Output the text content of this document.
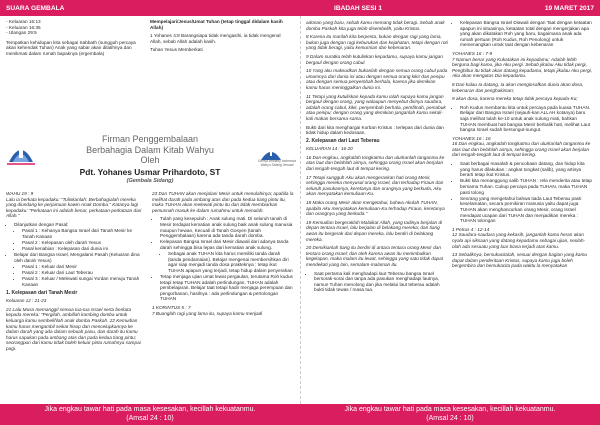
SUARA GEMBALA	IBADAH SESI 1	19 MARET 2017
- Keluaran 16:13
- Keluaran 16:35
- Ulangan 29:5

Tempatkan kehidupan kita sebagai Sabbath (sungguh percaya akan kehendak Tuhan) Anak yang sabar akan dilatihnya dan menikmati dalam rumah bapaknya (ergembala)

Mempelajari/Jesus/Umat Tuhan (tetap tinggal didalam kasih Allah)

1 Yohanes 4:8 Barangsiapa tidak mengasihi, ia tidak mengenal Allah, sebab Allah adalah kasih.

Tuhan Yesus Memberkati

Firman Penggembalaan
Berbahagia Dalam Kitab Wahyu
Oleh
Pdt. Yohanes Usmar Prihardoto, ST
(Gembala Sidang)
Gereja Bethany Indonesia Wahyu Sidang Jemaat

WAHU 19 : 9

Lalu ia berkata kepadaku: "Tuliskanlah: Berbahagialah mereka yang diundang ke perjamuan kawin Anak Domba." Katanya lagi kepadaku: "Perkataan ini adalah benar, perkataan-perkataan dari Allah."

• Dilanjutkan dengan Pasal:
• Pasal 1 : Kehanya Bangsa Israel dari Tanah Mesir ke Tanah Kanaan
• Pasal 2 : Kelepasan oleh darah Yesus
• Pasal kenabian : Kelepasan dari dunia ini
• Belajar dari Bangsa Israel, Mengalami Pasah (Keluaran dina oleh darah Yesus)
• Pasal 1 : Keluar dari Mesir
• Pasal 2 : Keluar dari Laut Teberau
• Pasal 3 : Keluar / Melewati sungai Yordan menuju Tanah Kanaan
1. Kelepasan dari Tanah Mesir

Keluaran 12 : 21-23

21 Lalu Musa memanggil semua tua-tua Israel serta berkata kepada mereka: "Pergilah, ambillah kambing domba untuk keluarga kamu sembelihlah anak domba Paskah. 22 Kemudian kamu harus mengambil seikat hisop dan mencelupkannya ke dalam darah yang ada dalam sebuah pasu, dan darah itu kamu harus sapukan pada ambang atas dan pada kedua tiang pintu; seorangpun dari kamu tidak boleh keluar pintu rumahnya sampai pagi.

23 Dan TUHAN akan menjalani Mesir untuk menulahinya; apabila la melihat darah pada ambang atas dan pada kedua tiang pintu itu, maka TUHAN akan melewati pintu itu dan tidak membiarkan pemusnah masuk ke dalam rumahmu untuk menulah.

• Tulah yang kesepuluh : Anak sulung mati. Di seluruh tanah di Mesir terdapat kematian anak sulung baik anak sulung manusia maupun hewan, Kecuali di Tanah Gosyen (tanah Penggembalaan) karena ada tanda darah domba.
• Kelepasan Bangsa Israel dari Mesir diawali dari adanya tanda darah sehingga bisa lepas dari kematian anak sulung.
• Sebagai anak TUHAN kita harus memiliki tanda darah (tanda pendamaian). Belajar mengenai membersihkan diri agar siap menjadi tanda dosa prakteknya : tetap ikut TUHAN apapun yang terjadi, tetap hidup dalam penyerahan
• Tetap menjaga ujian umat lewat pergaulan, terutama Roh kudus tetapi tetap TUHAN adalah perlindungan, TUHAN adalah pembelajaran. Belajar taat tetapi hadir menjaga perempuan dan pengorbanan, hasilnya : ada perlindungan & pertolongan TUHAN

1 KORINTUS 5 : 7

7 Buanglah ragi yang lama itu, supaya kamu menjadi

adonan yang baru, sebab kamu memang tidak beragi. Sebab anak domba Paskah kita juga telah disembelih, yaitu Kristus.

8 Karena itu marilah kita berpesta, bukan dengan ragi yang lama, bukan juga dengan ragi keburukan dan kejahatan, tetapi dengan roti yang tidak beragi, yaitu kemurnian dan kebenaran.

9 Dalam suratku telah kutuliskan kepadamu, supaya kamu jangan bergaul dengan orang cabul.

10 Yang aku maksudkan bukanlah dengan semua orang cabul pada umumnya dari dunia ini atau dengan semua orang kikir dan penipu atau dengan semua penyembah berhala, karena jika demikian kamu harus meninggalkan dunia ini.

11 Tetapi yang kutuliskan kepada kamu ialah supaya kamu jangan bergaul dengan orang, yang walaupun menyebut dirinya saudara, adalah orang cabul, kikir, penyembah berhala, pemfitnah, pemabuk atau penipu; dengan orang yang demikian janganlah kamu sekali-kali makan bersama-sama.

Bukti dari kita menghargai Korban Kristus : terlepas dari dunia dan tidak hidup dalam kedosaan.

2. Kelepasan dari Laut Teberau

KELUARAN 14 : 16-20

16 Dan engkau, angkatlah tongkatmu dan ulurkanlah tanganmu ke atas laut dan belahlah airnya, sehingga orang Israel akan berjalan dari tengah-tengah laut di tempat kering.

17 Tetapi sungguh Aku akan mengeraskan hati orang Mesir, sehingga mereka menyusul orang Israel, dan terhadap Firaun dan seluruh pasukannya, keretanya dan orangnya yang berkuda, Aku akan menyatakan kemuliaan-Ku.

18 Maka orang Mesir akan mengetahui, bahwa Akulah TUHAN, apabila Aku menyatakan kemuliaan-Ku terhadap Firaun, keretanya dan orangnya yang berkuda."

19 Kemudian bergeraklah Malaikat Allah, yang tadinya berjalan di depan tentara Israel, lalu berjalan di belakang mereka; dan tiang awan itu bergerak dari depan mereka, lalu berdiri di belakang mereka.

20 Demikianlah tiang itu berdiri di antara tentara orang Mesir dan tentara orang Israel; dan oleh karena awan itu menimbulkan kegelapan, maka malam itu lewat, sehingga yang satu tidak dapat mendekati yang lain, semalam-malaman itu.

• Saat pertama kali menghadapi laut Teberau bangsa Israel bersorak-sorai dan tanpa ada pasukan menghadapi lautnya, namun Tuhan menolong dan jika melalui laut teberau adalah bukti tidak tewas / masa tua.
• Kelepasan Bangsa Israel Diawali dengan Taat dengan ketaatan apapun ini situasinya, ketaatan total dengan mengerjakan apa yang akan dikatakan Roh yang baru, bagaimana anak ada rumah pertuan (Roh Kudus, Roh Penolong) untuk memenangkan untuk taat dengan kebenaran

YOHANES 16 : 7-9

7 Namun benar yang Kukatakan ini kepadamu: Adalah lebih berguna bagi kamu, jika Aku pergi. Sebab jikalau Aku tidak pergi, Penghibur itu tidak akan datang kepadamu, tetapi jikalau Aku pergi, Aku akan mengutus Dia kepadamu.

8 Dan kalau Ia datang, Ia akan menginsafkan dunia akan dosa, kebenaran dan penghakiman;

9 akan dosa, karena mereka tetap tidak percaya kepada-Ku;

• Roh Kudus membantu kita untuk percaya pada kuasa TUHAN. Belajar dari Bangsa Israel (sejauh-kan ALLAH kotanya) baru saja melihat tulah ke-10 untuk anak sulung mati, bahkan TUHAN membuat hati bangsa Mesir berbalik hati, melihat Laut bangsa Israel sudah bersungut-sungut.

YOHANES 16 : 16

16 Dan engkau, angkatlah tongkatmu dan ulurkanlah tanganmu ke atas laut dan belahlah airnya, sehingga orang Israel akan berjalan dari tengah-tengah laut di tempat kering.

• Saat berbagai masalah & pencobaan datang, dan hidup kita yang harus dilakukan : angkat tongkat (salib), yang artinya berarti tetap ikut Kristus.
• Bukti kita menanggung salib TUHAN : rela menderita atau tetap bersama Tuhan. Cukup percaya pada TUHAN, maka TUHAN pasti tolong
• Seorang yang mengetahui bahwa tiada Laut Teberau pasti keselamatan, secara pemikiran manusia yaitu dapat juga TUHAN akan menghancurkan orang Mesir, orang Israel mendapat ucapan dari TUHAN dan menjadikan mereka : TUHAN tolongan

1 Petrus 4 : 12-14

12 Saudara-saudara yang kekasih, janganlah kamu heran akan nyala api siksaan yang datang kepadamu sebagai ujian, seolah-olah ada sesuatu yang luar biasa terjadi atas kamu.

13 Sebaliknya, bersukacitalah, sesuai dengan bagian yang kamu dapat dalam penderitaan Kristus, supaya kamu juga boleh bergembira dan bersukacita pada waktu la menyatakan

Jika engkau tawar hati pada masa kesesakan, kecillah kekuatanmu.
(Amsal 24 : 10)
Jika engkau tawar hati pada masa kesesakan, kecillah kekuatanmu.
(Amsal 24 : 10)
